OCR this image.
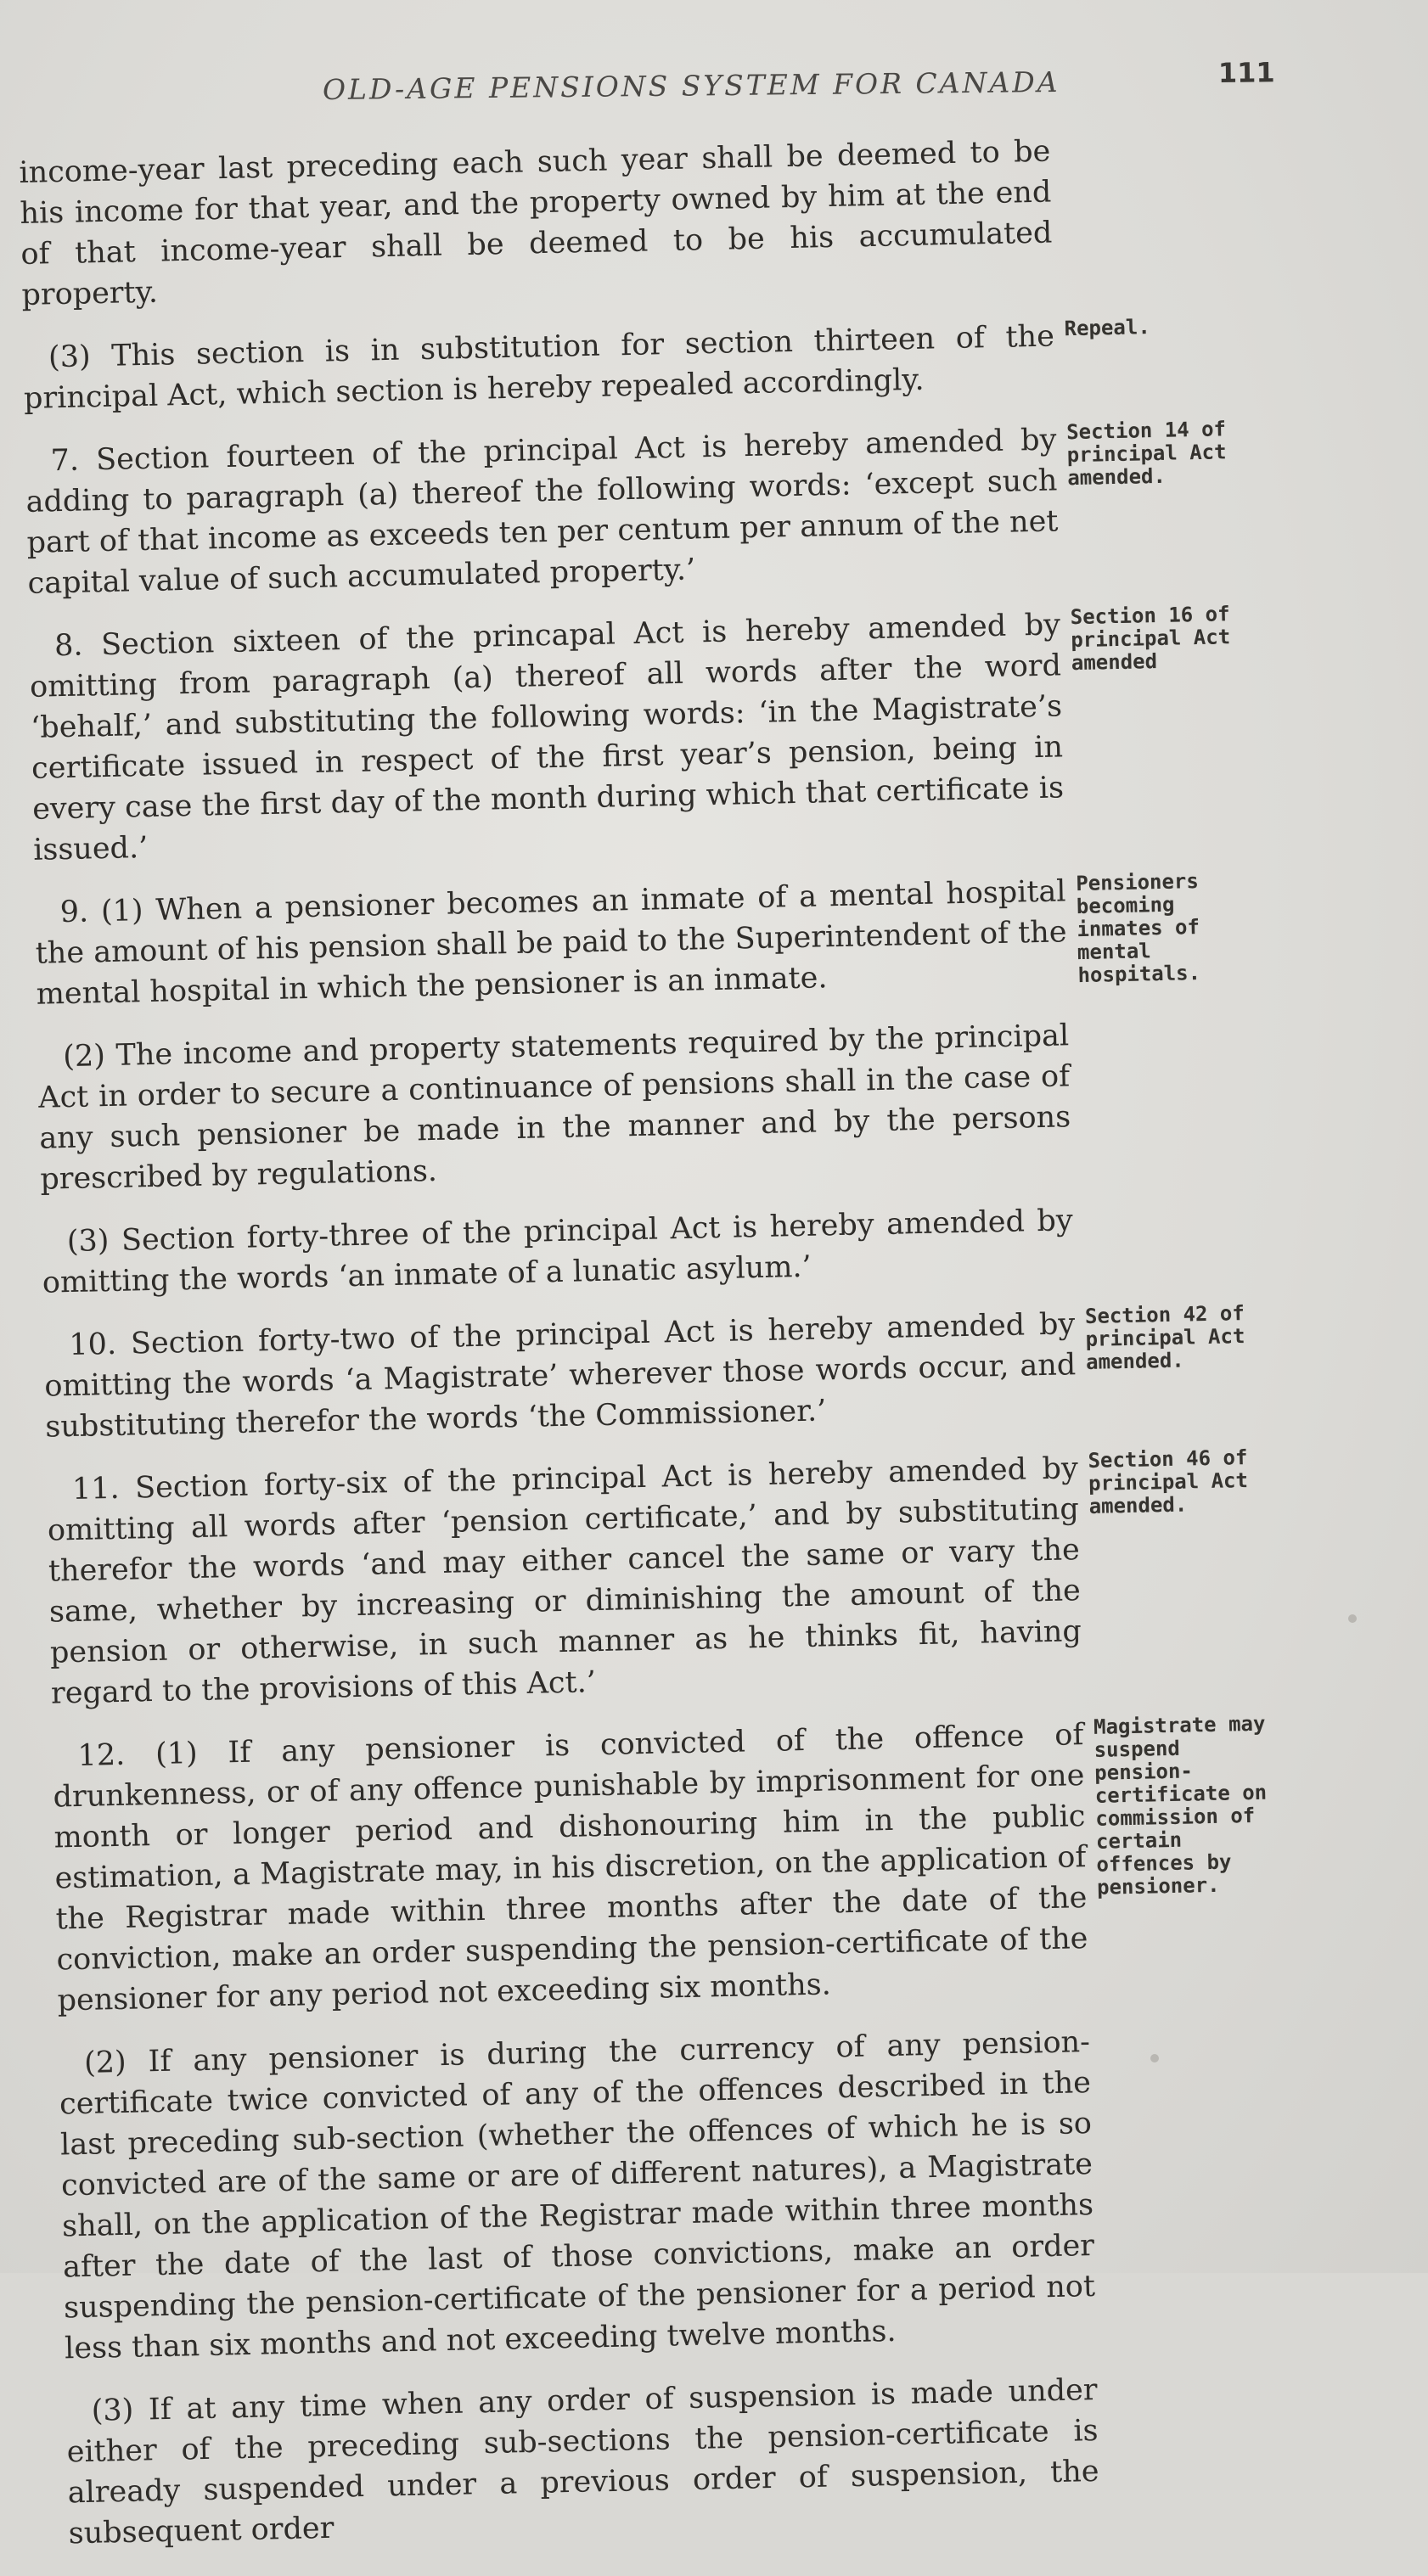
OLD-AGE PENSIONS SYSTEM FOR CANADA	111

income-year last preceding each such year shall be deemed to be his income for that year, and the property owned by him at the end of that income-year shall be deemed to be his accumulated property.

(3) This section is in substitution for section thirteen of the principal Act, which section is hereby repealed accordingly.

Repeal.

7. Section fourteen of the principal Act is hereby amended by adding to paragraph (a) thereof the following words: ‘except such part of that income as exceeds ten per centum per annum of the net capital value of such accumulated property.’

Section 14 of principal Act amended.

8. Section sixteen of the princapal Act is hereby amended by omitting from paragraph (a) thereof all words after the word ‘behalf,’ and substituting the following words: ‘in the Magistrate’s certificate issued in respect of the first year’s pension, being in every case the first day of the month during which that certificate is issued.’

Section 16 of principal Act amended

9. (1) When a pensioner becomes an inmate of a mental hospital the amount of his pension shall be paid to the Superintendent of the mental hospital in which the pensioner is an inmate.

Pensioners becoming inmates of mental hospitals.

(2) The income and property statements required by the principal Act in order to secure a continuance of pensions shall in the case of any such pensioner be made in the manner and by the persons prescribed by regulations.

(3) Section forty-three of the principal Act is hereby amended by omitting the words ‘an inmate of a lunatic asylum.’

10. Section forty-two of the principal Act is hereby amended by omitting the words ‘a Magistrate’ wherever those words occur, and substituting therefor the words ‘the Commissioner.’

Section 42 of principal Act amended.

11. Section forty-six of the principal Act is hereby amended by omitting all words after ‘pension certificate,’ and by substituting therefor the words ‘and may either cancel the same or vary the same, whether by increasing or diminishing the amount of the pension or otherwise, in such manner as he thinks fit, having regard to the provisions of this Act.’

Section 46 of principal Act amended.

12. (1) If any pensioner is convicted of the offence of drunkenness, or of any offence punishable by imprisonment for one month or longer period and dishonouring him in the public estimation, a Magistrate may, in his discretion, on the application of the Registrar made within three months after the date of the conviction, make an order suspending the pension-certificate of the pensioner for any period not exceeding six months.

Magistrate may suspend pension-certificate on commission of certain offences by pensioner.

(2) If any pensioner is during the currency of any pension-certificate twice convicted of any of the offences described in the last preceding sub-section (whether the offences of which he is so convicted are of the same or are of different natures), a Magistrate shall, on the application of the Registrar made within three months after the date of the last of those convictions, make an order suspending the pension-certificate of the pensioner for a period not less than six months and not exceeding twelve months.

(3) If at any time when any order of suspension is made under either of the preceding sub-sections the pension-certificate is already suspended under a previous order of suspension, the subsequent order
